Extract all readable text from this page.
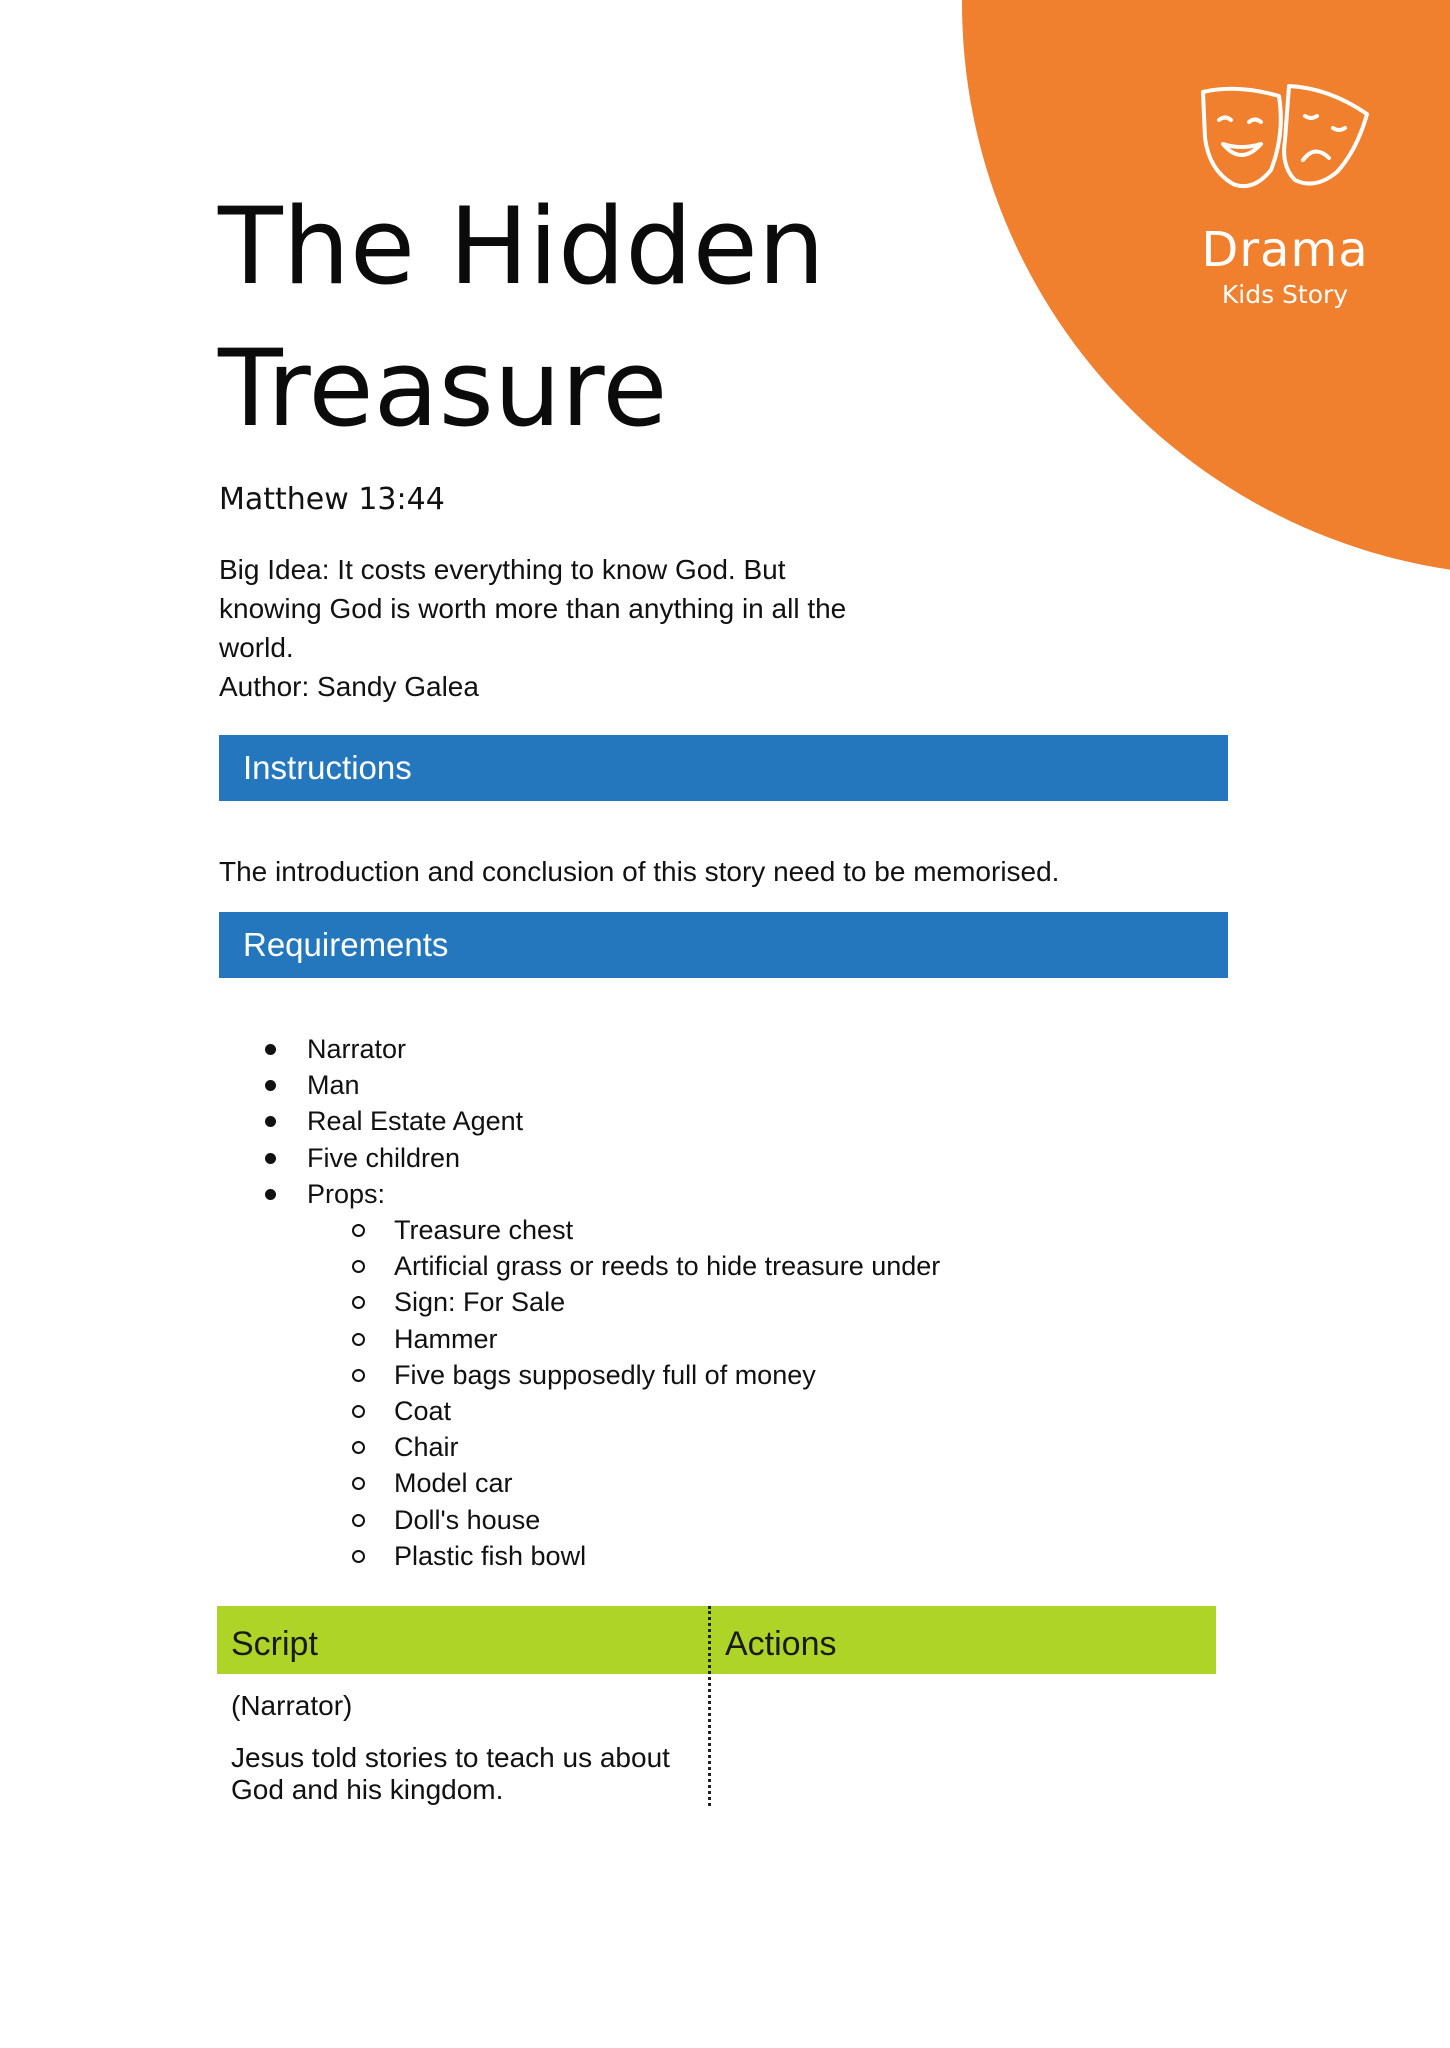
Drama
Kids Story
The Hidden
Treasure
Matthew 13:44
Big Idea: It costs everything to know God. But
knowing God is worth more than anything in all the
world.
Author: Sandy Galea
Instructions
The introduction and conclusion of this story need to be memorised.
Requirements
Narrator
Man
Real Estate Agent
Five children
Props:
Treasure chest
Artificial grass or reeds to hide treasure under
Sign: For Sale
Hammer
Five bags supposedly full of money
Coat
Chair
Model car
Doll's house
Plastic fish bowl
Script	Actions
(Narrator)
Jesus told stories to teach us about
God and his kingdom.
